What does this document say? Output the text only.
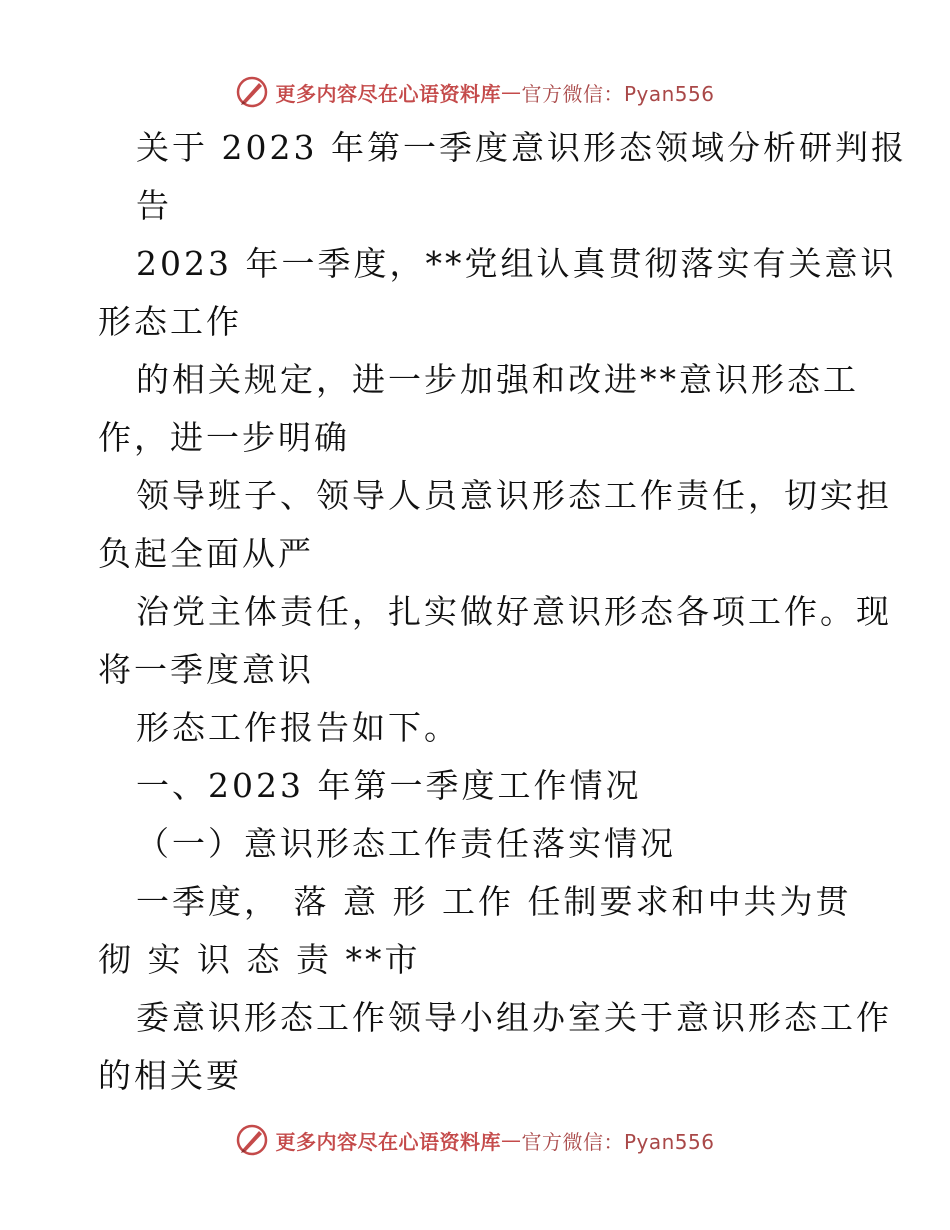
更多内容尽在心语资料库 — 官方微信：Pyan556
关于 2023 年第一季度意识形态领域分析研判报
告
2023 年一季度，**党组认真贯彻落实有关意识
形态工作
的相关规定，进一步加强和改进**意识形态工
作，进一步明确
领导班子、领导人员意识形态工作责任，切实担
负起全面从严
治党主体责任，扎实做好意识形态各项工作。现
将一季度意识
形态工作报告如下。
一、2023 年第一季度工作情况
（一）意识形态工作责任落实情况
一季度， 落 意 形 工作 任制要求和中共为贯
彻 实 识 态 责 **市
委意识形态工作领导小组办室关于意识形态工作
的相关要
更多内容尽在心语资料库 — 官方微信：Pyan556
